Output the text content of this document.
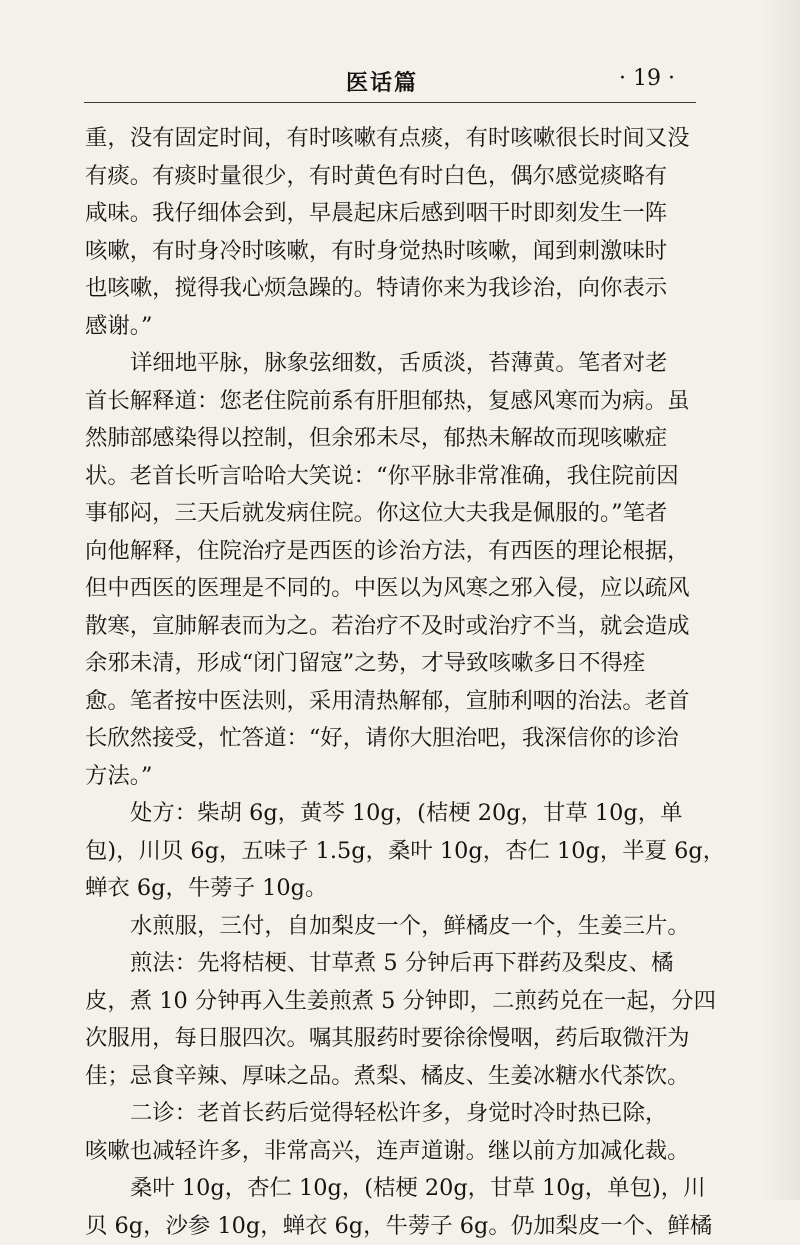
医话篇	· 19 ·
重，没有固定时间，有时咳嗽有点痰，有时咳嗽很长时间又没
有痰。有痰时量很少，有时黄色有时白色，偶尔感觉痰略有
咸味。我仔细体会到，早晨起床后感到咽干时即刻发生一阵
咳嗽，有时身冷时咳嗽，有时身觉热时咳嗽，闻到刺激味时
也咳嗽，搅得我心烦急躁的。特请你来为我诊治，向你表示
感谢。”
详细地平脉，脉象弦细数，舌质淡，苔薄黄。笔者对老
首长解释道：您老住院前系有肝胆郁热，复感风寒而为病。虽
然肺部感染得以控制，但余邪未尽，郁热未解故而现咳嗽症
状。老首长听言哈哈大笑说：“你平脉非常准确，我住院前因
事郁闷，三天后就发病住院。你这位大夫我是佩服的。”笔者
向他解释，住院治疗是西医的诊治方法，有西医的理论根据，
但中西医的医理是不同的。中医以为风寒之邪入侵，应以疏风
散寒，宣肺解表而为之。若治疗不及时或治疗不当，就会造成
余邪未清，形成“闭门留寇”之势，才导致咳嗽多日不得痊
愈。笔者按中医法则，采用清热解郁，宣肺利咽的治法。老首
长欣然接受，忙答道：“好，请你大胆治吧，我深信你的诊治
方法。”
处方：柴胡 6g，黄芩 10g，(桔梗 20g，甘草 10g，单
包)，川贝 6g，五味子 1.5g，桑叶 10g，杏仁 10g，半夏 6g，
蝉衣 6g，牛蒡子 10g。
水煎服，三付，自加梨皮一个，鲜橘皮一个，生姜三片。
煎法：先将桔梗、甘草煮 5 分钟后再下群药及梨皮、橘
皮，煮 10 分钟再入生姜煎煮 5 分钟即，二煎药兑在一起，分四
次服用，每日服四次。嘱其服药时要徐徐慢咽，药后取微汗为
佳；忌食辛辣、厚味之品。煮梨、橘皮、生姜冰糖水代茶饮。
二诊：老首长药后觉得轻松许多，身觉时冷时热已除，
咳嗽也减轻许多，非常高兴，连声道谢。继以前方加减化裁。
桑叶 10g，杏仁 10g，(桔梗 20g，甘草 10g，单包)，川
贝 6g，沙参 10g，蝉衣 6g，牛蒡子 6g。仍加梨皮一个、鲜橘
